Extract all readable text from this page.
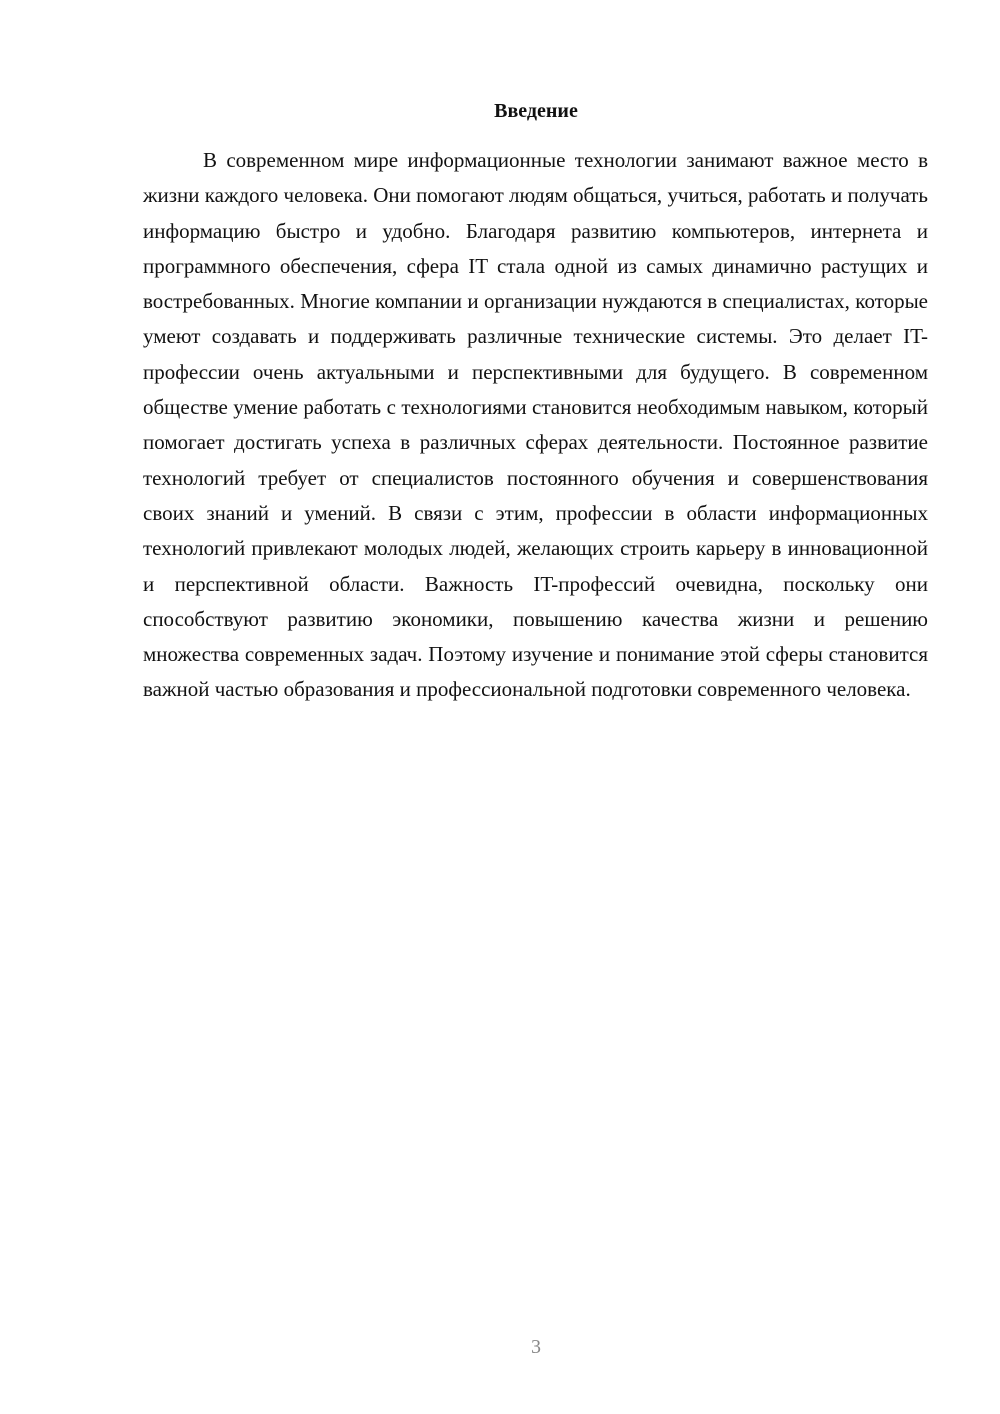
Введение

В современном мире информационные технологии занимают важное место в жизни каждого человека. Они помогают людям общаться, учиться, работать и получать информацию быстро и удобно. Благодаря развитию компьютеров, интернета и программного обеспечения, сфера IT стала одной из самых динамично растущих и востребованных. Многие компании и организации нуждаются в специалистах, которые умеют создавать и поддерживать различные технические системы. Это делает IT-профессии очень актуальными и перспективными для будущего. В современном обществе умение работать с технологиями становится необходимым навыком, который помогает достигать успеха в различных сферах деятельности. Постоянное развитие технологий требует от специалистов постоянного обучения и совершенствования своих знаний и умений. В связи с этим, профессии в области информационных технологий привлекают молодых людей, желающих строить карьеру в инновационной и перспективной области. Важность IT-профессий очевидна, поскольку они способствуют развитию экономики, повышению качества жизни и решению множества современных задач. Поэтому изучение и понимание этой сферы становится важной частью образования и профессиональной подготовки современного человека.

3
